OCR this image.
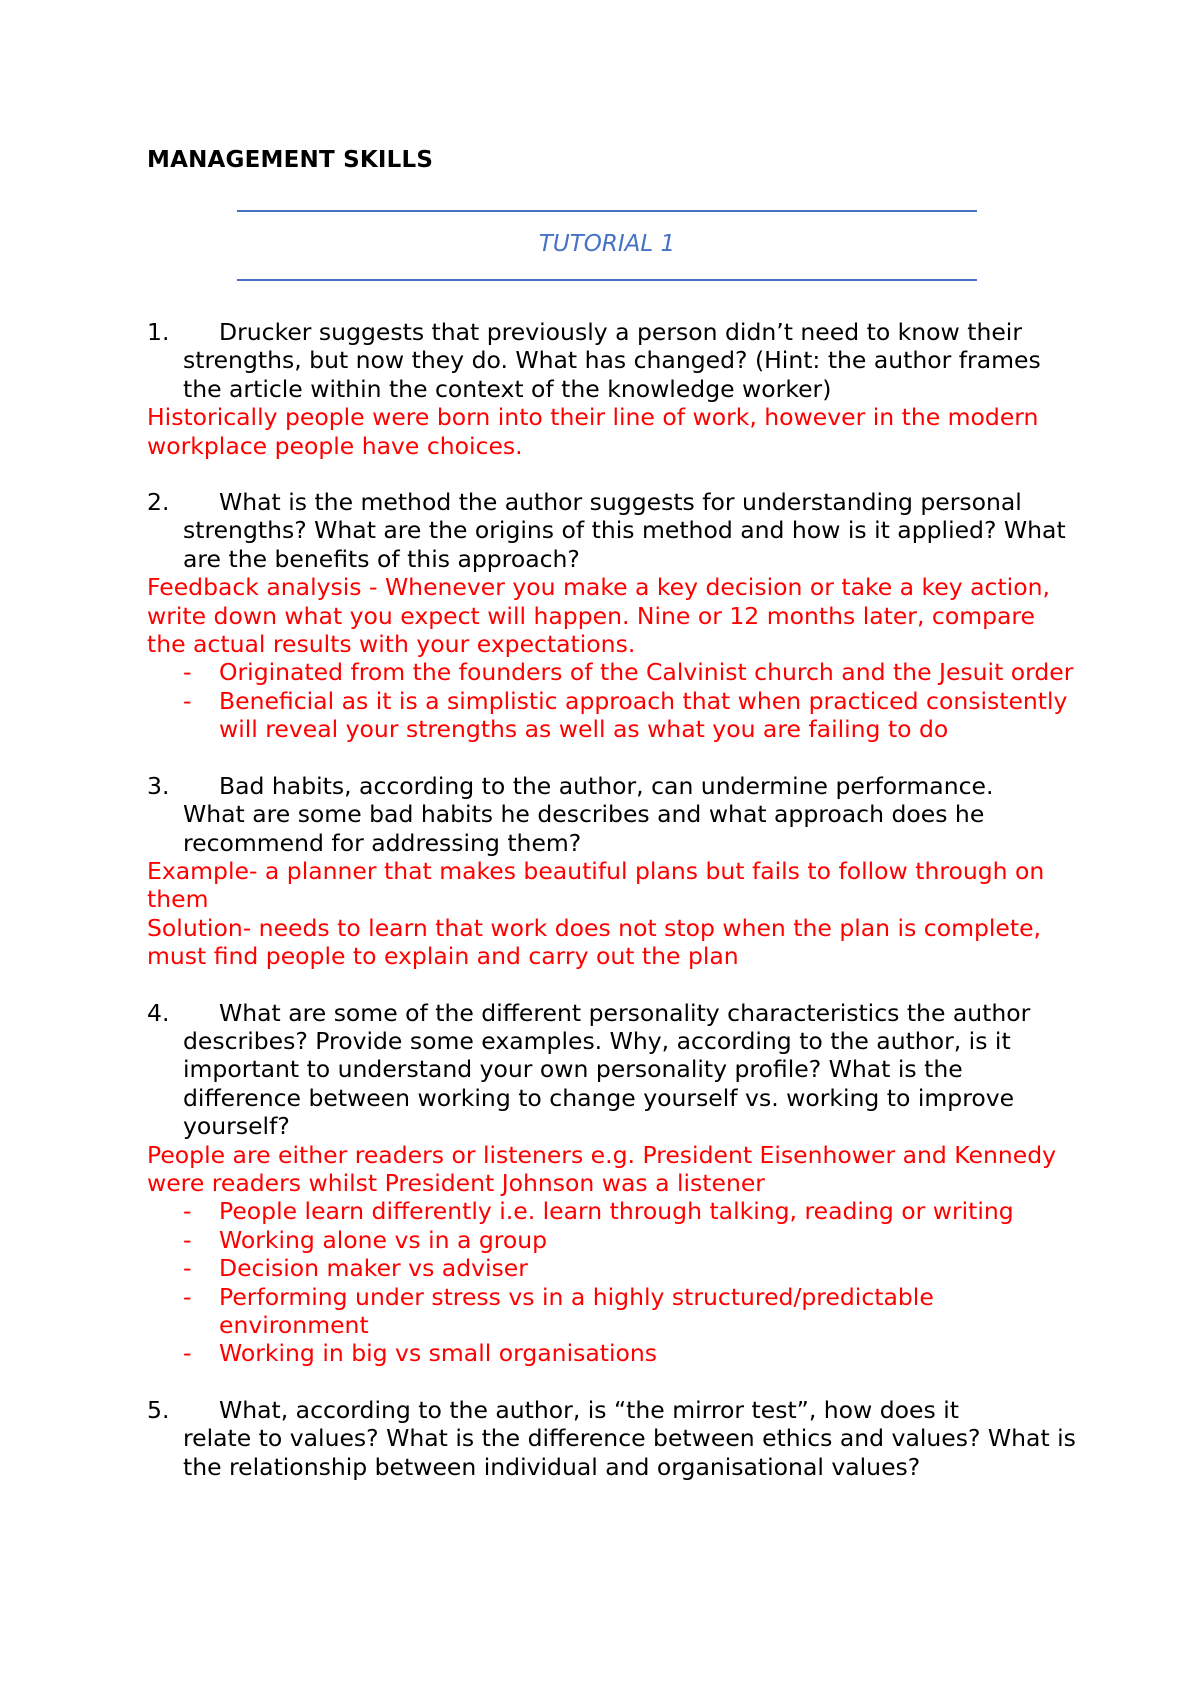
MANAGEMENT SKILLS
TUTORIAL 1
1.	Drucker suggests that previously a person didn’t need to know their
strengths, but now they do. What has changed? (Hint: the author frames the article within the context of the knowledge worker)
Historically people were born into their line of work, however in the modern workplace people have choices.
2.	What is the method the author suggests for understanding personal
strengths? What are the origins of this method and how is it applied? What are the benefits of this approach?
Feedback analysis - Whenever you make a key decision or take a key action, write down what you expect will happen. Nine or 12 months later, compare the actual results with your expectations.
-	Originated from the founders of the Calvinist church and the Jesuit order
-	Beneficial as it is a simplistic approach that when practiced consistently will reveal your strengths as well as what you are failing to do
3.	Bad habits, according to the author, can undermine performance.
What are some bad habits he describes and what approach does he recommend for addressing them?
Example- a planner that makes beautiful plans but fails to follow through on them
Solution- needs to learn that work does not stop when the plan is complete, must find people to explain and carry out the plan
4.	What are some of the different personality characteristics the author
describes? Provide some examples. Why, according to the author, is it important to understand your own personality profile? What is the difference between working to change yourself vs. working to improve yourself?
People are either readers or listeners e.g. President Eisenhower and Kennedy were readers whilst President Johnson was a listener
-	People learn differently i.e. learn through talking, reading or writing
-	Working alone vs in a group
-	Decision maker vs adviser
-	Performing under stress vs in a highly structured/predictable environment
-	Working in big vs small organisations
5.	What, according to the author, is “the mirror test”, how does it
relate to values? What is the difference between ethics and values? What is the relationship between individual and organisational values?
